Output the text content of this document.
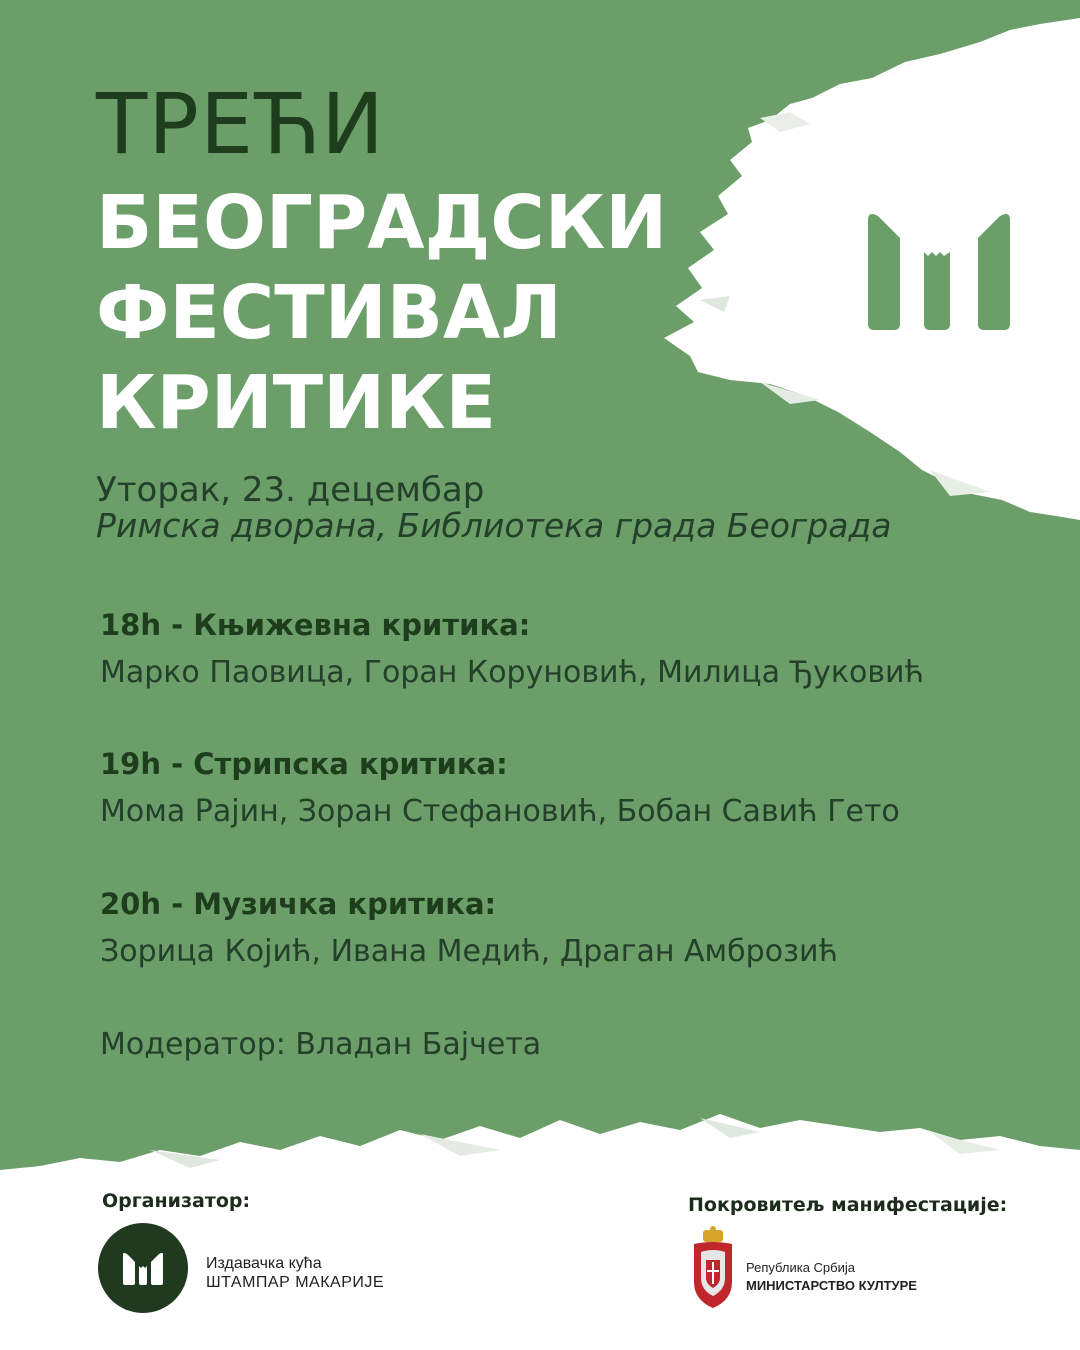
ТРЕЋИ
БЕОГРАДСКИ
ФЕСТИВАЛ
КРИТИКЕ
Уторак, 23. децембар
Римска дворана, Библиотека града Београда
18h - Књижевна критика:
Марко Паовица, Горан Коруновић, Милица Ђуковић
19h - Стрипска критика:
Мома Рајин, Зоран Стефановић, Бобан Савић Гето
20h - Музичка критика:
Зорица Којић, Ивана Медић, Драган Амброзић
Модератор: Владан Бајчета
Организатор:
Издавачка кућа
ШТАМПАР МАКАРИЈЕ
Покровитељ манифестације:
Република Србија
МИНИСТАРСТВО КУЛТУРЕ
